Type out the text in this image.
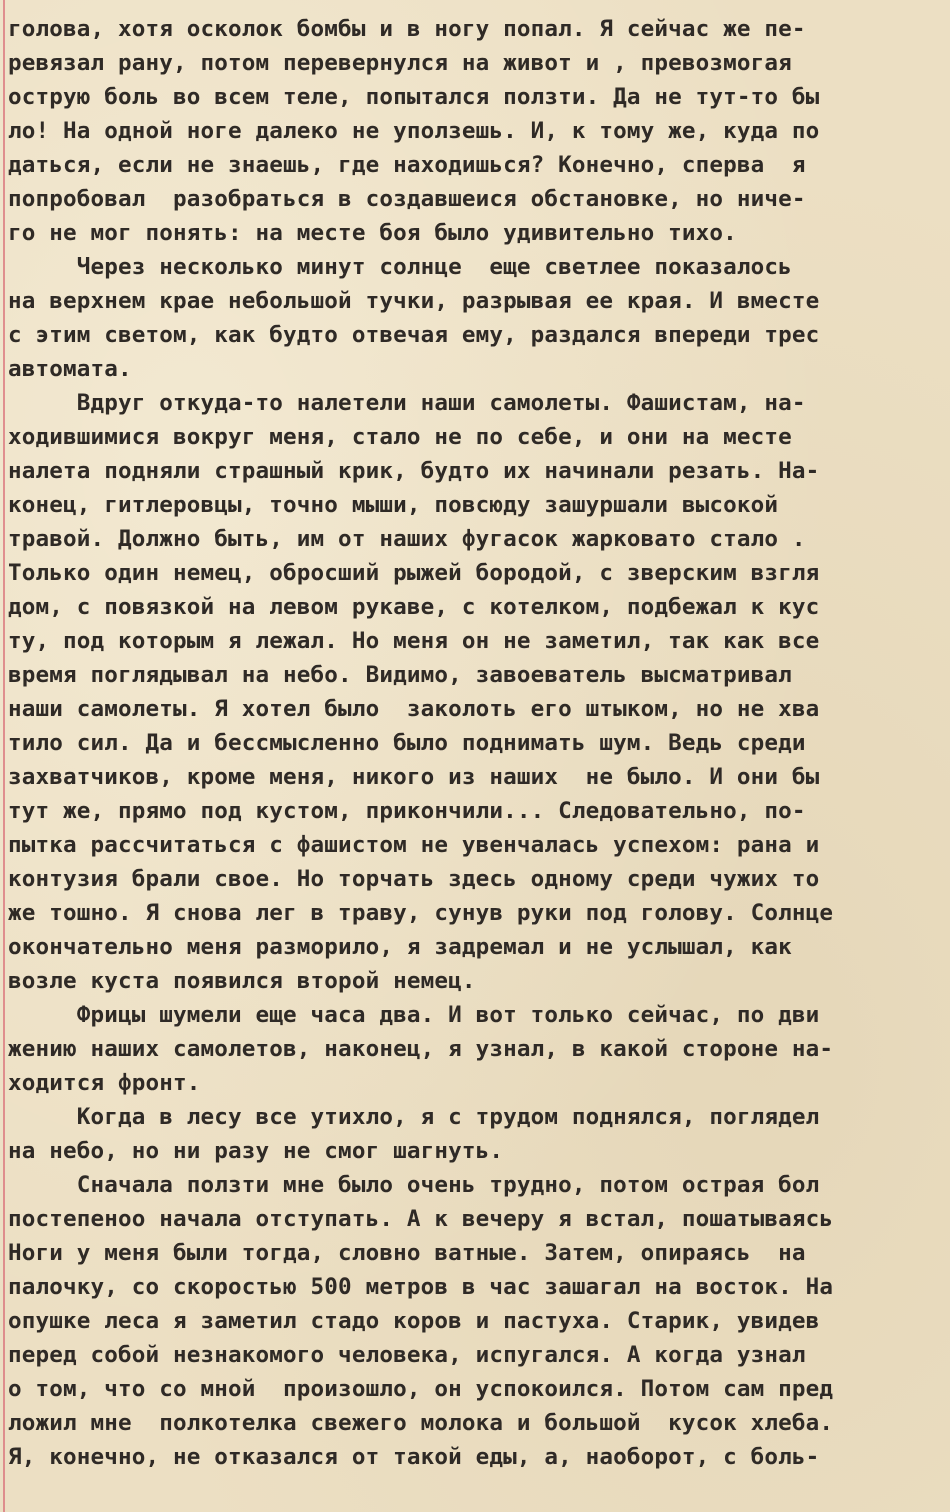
голова, хотя осколок бомбы и в ногу попал. Я сейчас же пе-
ревязал рану, потом перевернулся на живот и , превозмогая
острую боль во всем теле, попытался ползти. Да не тут-то бы
ло! На одной ноге далеко не уползешь. И, к тому же, куда по
даться, если не знаешь, где находишься? Конечно, сперва  я
попробовал  разобраться в создавшеися обстановке, но ниче-
го не мог понять: на месте боя было удивительно тихо.
Через несколько минут солнце  еще светлее показалось
на верхнем крае небольшой тучки, разрывая ее края. И вместе
с этим светом, как будто отвечая ему, раздался впереди трес
автомата.
Вдруг откуда-то налетели наши самолеты. Фашистам, на-
ходившимися вокруг меня, стало не по себе, и они на месте
налета подняли страшный крик, будто их начинали резать. На-
конец, гитлеровцы, точно мыши, повсюду зашуршали высокой
травой. Должно быть, им от наших фугасок жарковато стало .
Только один немец, обросший рыжей бородой, с зверским взгля
дом, с повязкой на левом рукаве, с котелком, подбежал к кус
ту, под которым я лежал. Но меня он не заметил, так как все
время поглядывал на небо. Видимо, завоеватель высматривал
наши самолеты. Я хотел было  заколоть его штыком, но не хва
тило сил. Да и бессмысленно было поднимать шум. Ведь среди
захватчиков, кроме меня, никого из наших  не было. И они бы
тут же, прямо под кустом, прикончили... Следовательно, по-
пытка рассчитаться с фашистом не увенчалась успехом: рана и
контузия брали свое. Но торчать здесь одному среди чужих то
же тошно. Я снова лег в траву, сунув руки под голову. Солнце
окончательно меня разморило, я задремал и не услышал, как
возле куста появился второй немец.
Фрицы шумели еще часа два. И вот только сейчас, по дви
жению наших самолетов, наконец, я узнал, в какой стороне на-
ходится фронт.
Когда в лесу все утихло, я с трудом поднялся, поглядел
на небо, но ни разу не смог шагнуть.
Сначала ползти мне было очень трудно, потом острая бол
постепеноо начала отступать. А к вечеру я встал, пошатываясь
Ноги у меня были тогда, словно ватные. Затем, опираясь  на
палочку, со скоростью 500 метров в час зашагал на восток. На
опушке леса я заметил стадо коров и пастуха. Старик, увидев
перед собой незнакомого человека, испугался. А когда узнал
о том, что со мной  произошло, он успокоился. Потом сам пред
ложил мне  полкотелка свежего молока и большой  кусок хлеба.
Я, конечно, не отказался от такой еды, а, наоборот, с боль-
